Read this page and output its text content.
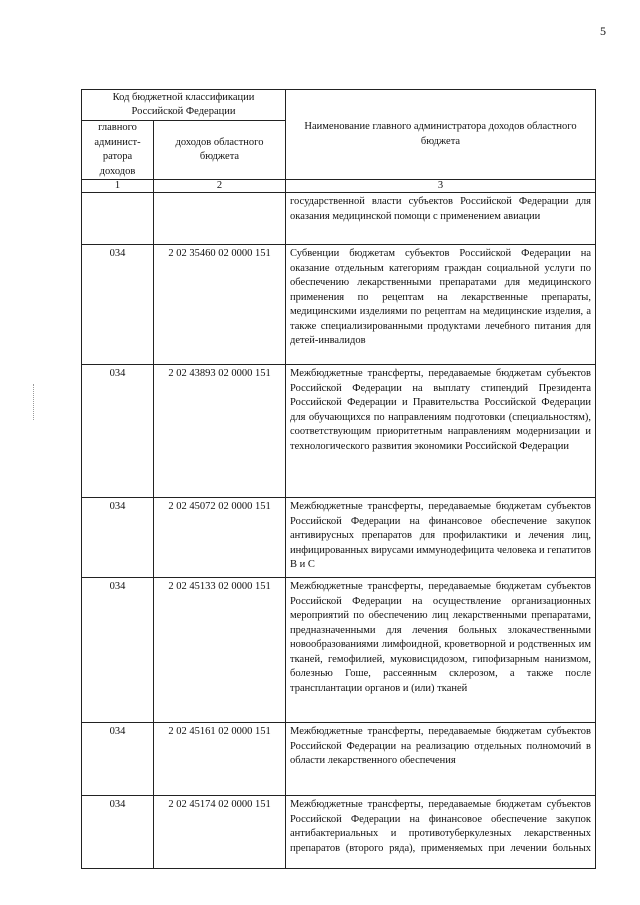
5
Код бюджетной классификации Российской Федерации		Наименование главного администратора доходов областного бюджета
главного админист-ратора доходов	доходов областного бюджета	
1	2	3
		государственной власти субъектов Российской Федерации для оказания медицинской помощи с применением авиации
034	2 02 35460 02 0000 151	Субвенции бюджетам субъектов Российской Федерации на оказание отдельным категориям граждан социальной услуги по обеспечению лекарственными препаратами для медицинского применения по рецептам на лекарственные препараты, медицинскими изделиями по рецептам на медицинские изделия, а также специализированными продуктами лечебного питания для детей-инвалидов
034	2 02 43893 02 0000 151	Межбюджетные трансферты, передаваемые бюджетам субъектов Российской Федерации на выплату стипендий Президента Российской Федерации и Правительства Российской Федерации для обучающихся по направлениям подготовки (специальностям), соответствующим приоритетным направлениям модернизации и технологического развития экономики Российской Федерации
034	2 02 45072 02 0000 151	Межбюджетные трансферты, передаваемые бюджетам субъектов Российской Федерации на финансовое обеспечение закупок антивирусных препаратов для профилактики и лечения лиц, инфицированных вирусами иммунодефицита человека и гепатитов В и С
034	2 02 45133 02 0000 151	Межбюджетные трансферты, передаваемые бюджетам субъектов Российской Федерации на осуществление организационных мероприятий по обеспечению лиц лекарственными препаратами, предназначенными для лечения больных злокачественными новообразованиями лимфоидной, кроветворной и родственных им тканей, гемофилией, муковисцидозом, гипофизарным нанизмом, болезнью Гоше, рассеянным склерозом, а также после трансплантации органов и (или) тканей
034	2 02 45161 02 0000 151	Межбюджетные трансферты, передаваемые бюджетам субъектов Российской Федерации на реализацию отдельных полномочий в области лекарственного обеспечения
034	2 02 45174 02 0000 151	Межбюджетные трансферты, передаваемые бюджетам субъектов Российской Федерации на финансовое обеспечение закупок антибактериальных и противотуберкулезных лекарственных препаратов (второго ряда), применяемых при лечении больных
